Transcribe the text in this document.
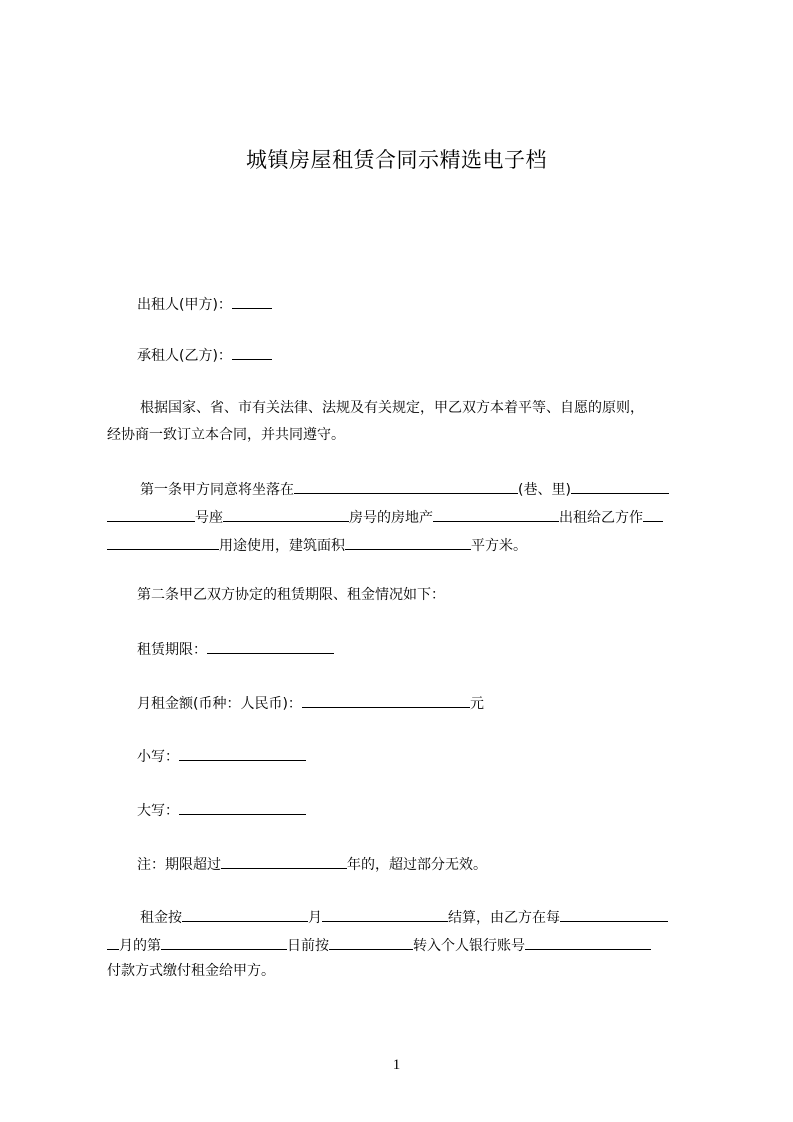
城镇房屋租赁合同示精选电子档
出租人(甲方)：
承租人(乙方)：
根据国家、省、市有关法律、法规及有关规定，甲乙双方本着平等、自愿的原则，
经协商一致订立本合同，并共同遵守。
第一条甲方同意将坐落在	(巷、里)
号座	房号的房地产	出租给乙方作
用途使用，建筑面积	平方米。
第二条甲乙双方协定的租赁期限、租金情况如下：
租赁期限：
月租金额(币种：人民币)：	元
小写：
大写：
注：期限超过	年的，超过部分无效。
租金按	月	结算，由乙方在每
月的第	日前按	转入个人银行账号
付款方式缴付租金给甲方。
1
